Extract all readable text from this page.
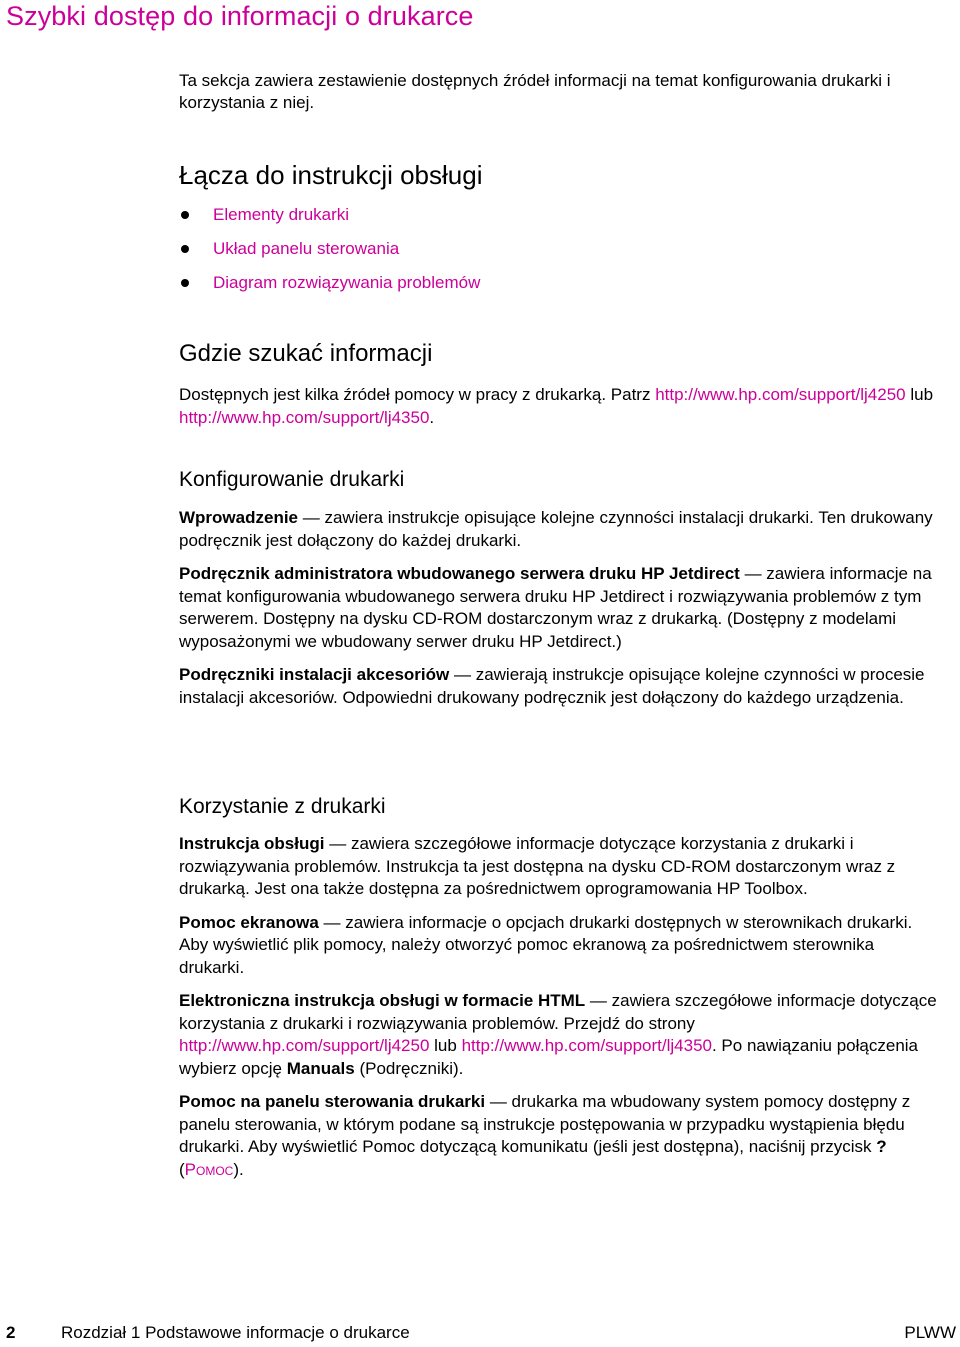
Szybki dostęp do informacji o drukarce

Ta sekcja zawiera zestawienie dostępnych źródeł informacji na temat konfigurowania drukarki i korzystania z niej.

Łącza do instrukcji obsługi
Elementy drukarki
Układ panelu sterowania
Diagram rozwiązywania problemów
Gdzie szukać informacji

Dostępnych jest kilka źródeł pomocy w pracy z drukarką. Patrz http://www.hp.com/support/lj4250 lub http://www.hp.com/support/lj4350.

Konfigurowanie drukarki

Wprowadzenie — zawiera instrukcje opisujące kolejne czynności instalacji drukarki. Ten drukowany podręcznik jest dołączony do każdej drukarki.

Podręcznik administratora wbudowanego serwera druku HP Jetdirect — zawiera informacje na temat konfigurowania wbudowanego serwera druku HP Jetdirect i rozwiązywania problemów z tym serwerem. Dostępny na dysku CD-ROM dostarczonym wraz z drukarką. (Dostępny z modelami wyposażonymi we wbudowany serwer druku HP Jetdirect.)

Podręczniki instalacji akcesoriów — zawierają instrukcje opisujące kolejne czynności w procesie instalacji akcesoriów. Odpowiedni drukowany podręcznik jest dołączony do każdego urządzenia.

Korzystanie z drukarki

Instrukcja obsługi — zawiera szczegółowe informacje dotyczące korzystania z drukarki i rozwiązywania problemów. Instrukcja ta jest dostępna na dysku CD-ROM dostarczonym wraz z drukarką. Jest ona także dostępna za pośrednictwem oprogramowania HP Toolbox.

Pomoc ekranowa — zawiera informacje o opcjach drukarki dostępnych w sterownikach drukarki. Aby wyświetlić plik pomocy, należy otworzyć pomoc ekranową za pośrednictwem sterownika drukarki.

Elektroniczna instrukcja obsługi w formacie HTML — zawiera szczegółowe informacje dotyczące korzystania z drukarki i rozwiązywania problemów. Przejdź do strony http://www.hp.com/support/lj4250 lub http://www.hp.com/support/lj4350. Po nawiązaniu połączenia wybierz opcję Manuals (Podręczniki).

Pomoc na panelu sterowania drukarki — drukarka ma wbudowany system pomocy dostępny z panelu sterowania, w którym podane są instrukcje postępowania w przypadku wystąpienia błędu drukarki. Aby wyświetlić Pomoc dotyczącą komunikatu (jeśli jest dostępna), naciśnij przycisk ? (Pomoc).

2	Rozdział 1 Podstawowe informacje o drukarce	PLWW
